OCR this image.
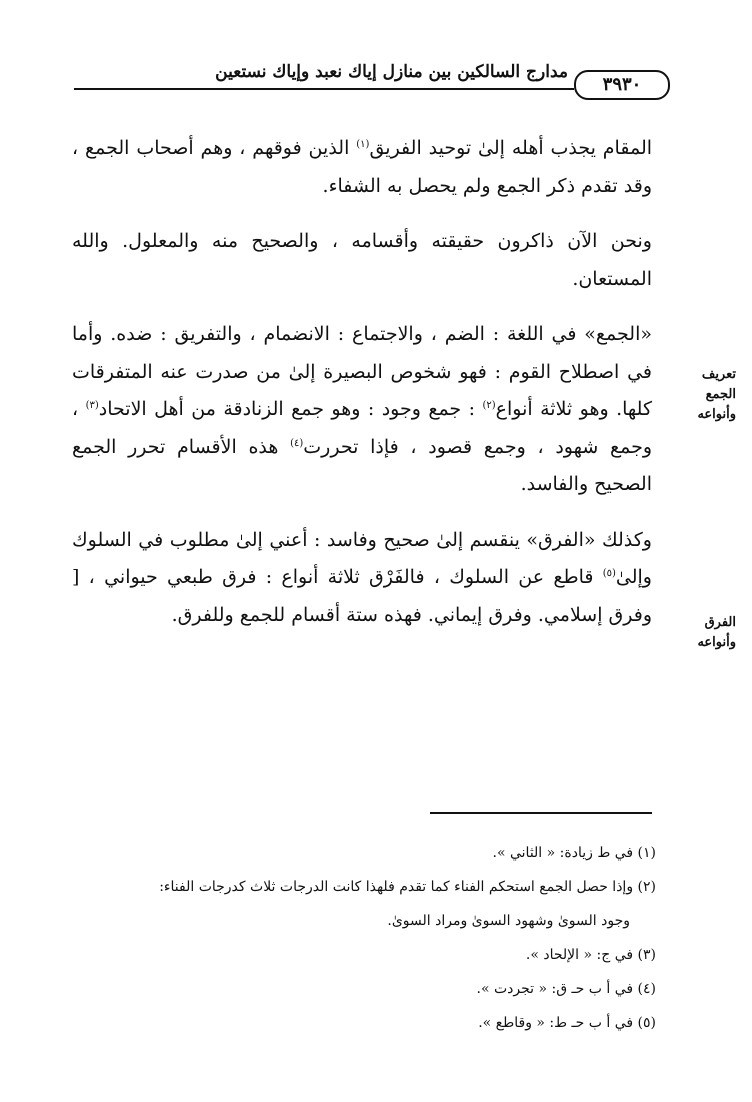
مدارج السالكين بين منازل إياك نعبد وإياك نستعين
٣٩٣٠
تعريف الجمع وأنواعه
الفرق وأنواعه

المقام يجذب أهله إلىٰ توحيد الفريق$^{(١)}$ الذين فوقهم ، وهم أصحاب الجمع ، وقد تقدم ذكر الجمع ولم يحصل به الشفاء.

ونحن الآن ذاكرون حقيقته وأقسامه ، والصحيح منه والمعلول. والله المستعان.

«الجمع» في اللغة : الضم ، والاجتماع : الانضمام ، والتفريق : ضده. وأما في اصطلاح القوم : فهو شخوص البصيرة إلىٰ من صدرت عنه المتفرقات كلها. وهو ثلاثة أنواع$^{(٢)}$ : جمع وجود : وهو جمع الزنادقة من أهل الاتحاد$^{(٣)}$ ، وجمع شهود ، وجمع قصود ، فإذا تحررت$^{(٤)}$ هذه الأقسام تحرر الجمع الصحيح والفاسد.

وكذلك «الفرق» ينقسم إلىٰ صحيح وفاسد : أعني إلىٰ مطلوب في السلوك وإلىٰ$^{(٥)}$ قاطع عن السلوك ، فالفَرْق ثلاثة أنواع : فرق طبعي حيواني ، [ وفرق إسلامي. وفرق إيماني. فهذه ستة أقسام للجمع وللفرق.

(١) في ط زيادة: « الثاني ».

(٢) وإذا حصل الجمع استحكم الفناء كما تقدم فلهذا كانت الدرجات ثلاث كدرجات الفناء:

وجود السوىٰ وشهود السوىٰ ومراد السوىٰ.

(٣) في ج: « الإلحاد ».

(٤) في أ ب حـ ق: « تجردت ».

(٥) في أ ب حـ ط: « وقاطع ».
